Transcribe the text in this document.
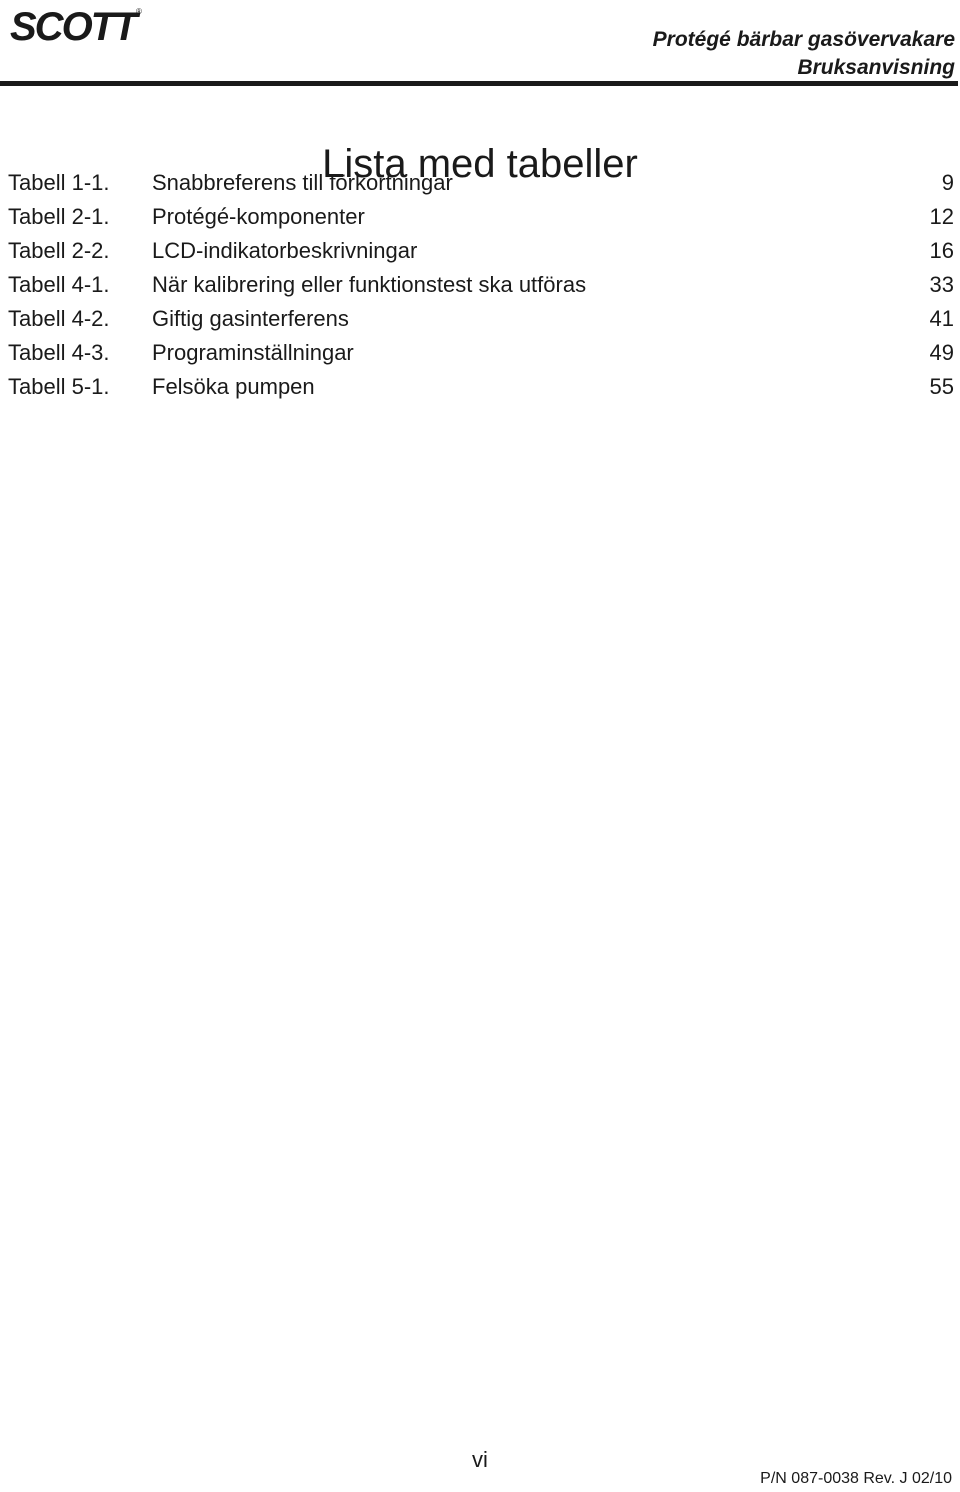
SCOTT ®
Protégé bärbar gasövervakare
Bruksanvisning
Lista med tabeller
Tabell 1-1. Snabbreferens till förkortningar	9
Tabell 2-1. Protégé-komponenter	12
Tabell 2-2. LCD-indikatorbeskrivningar	16
Tabell 4-1. När kalibrering eller funktionstest ska utföras	33
Tabell 4-2. Giftig gasinterferens	41
Tabell 4-3. Programinställningar	49
Tabell 5-1. Felsöka pumpen	55
vi
P/N 087-0038 Rev. J 02/10
